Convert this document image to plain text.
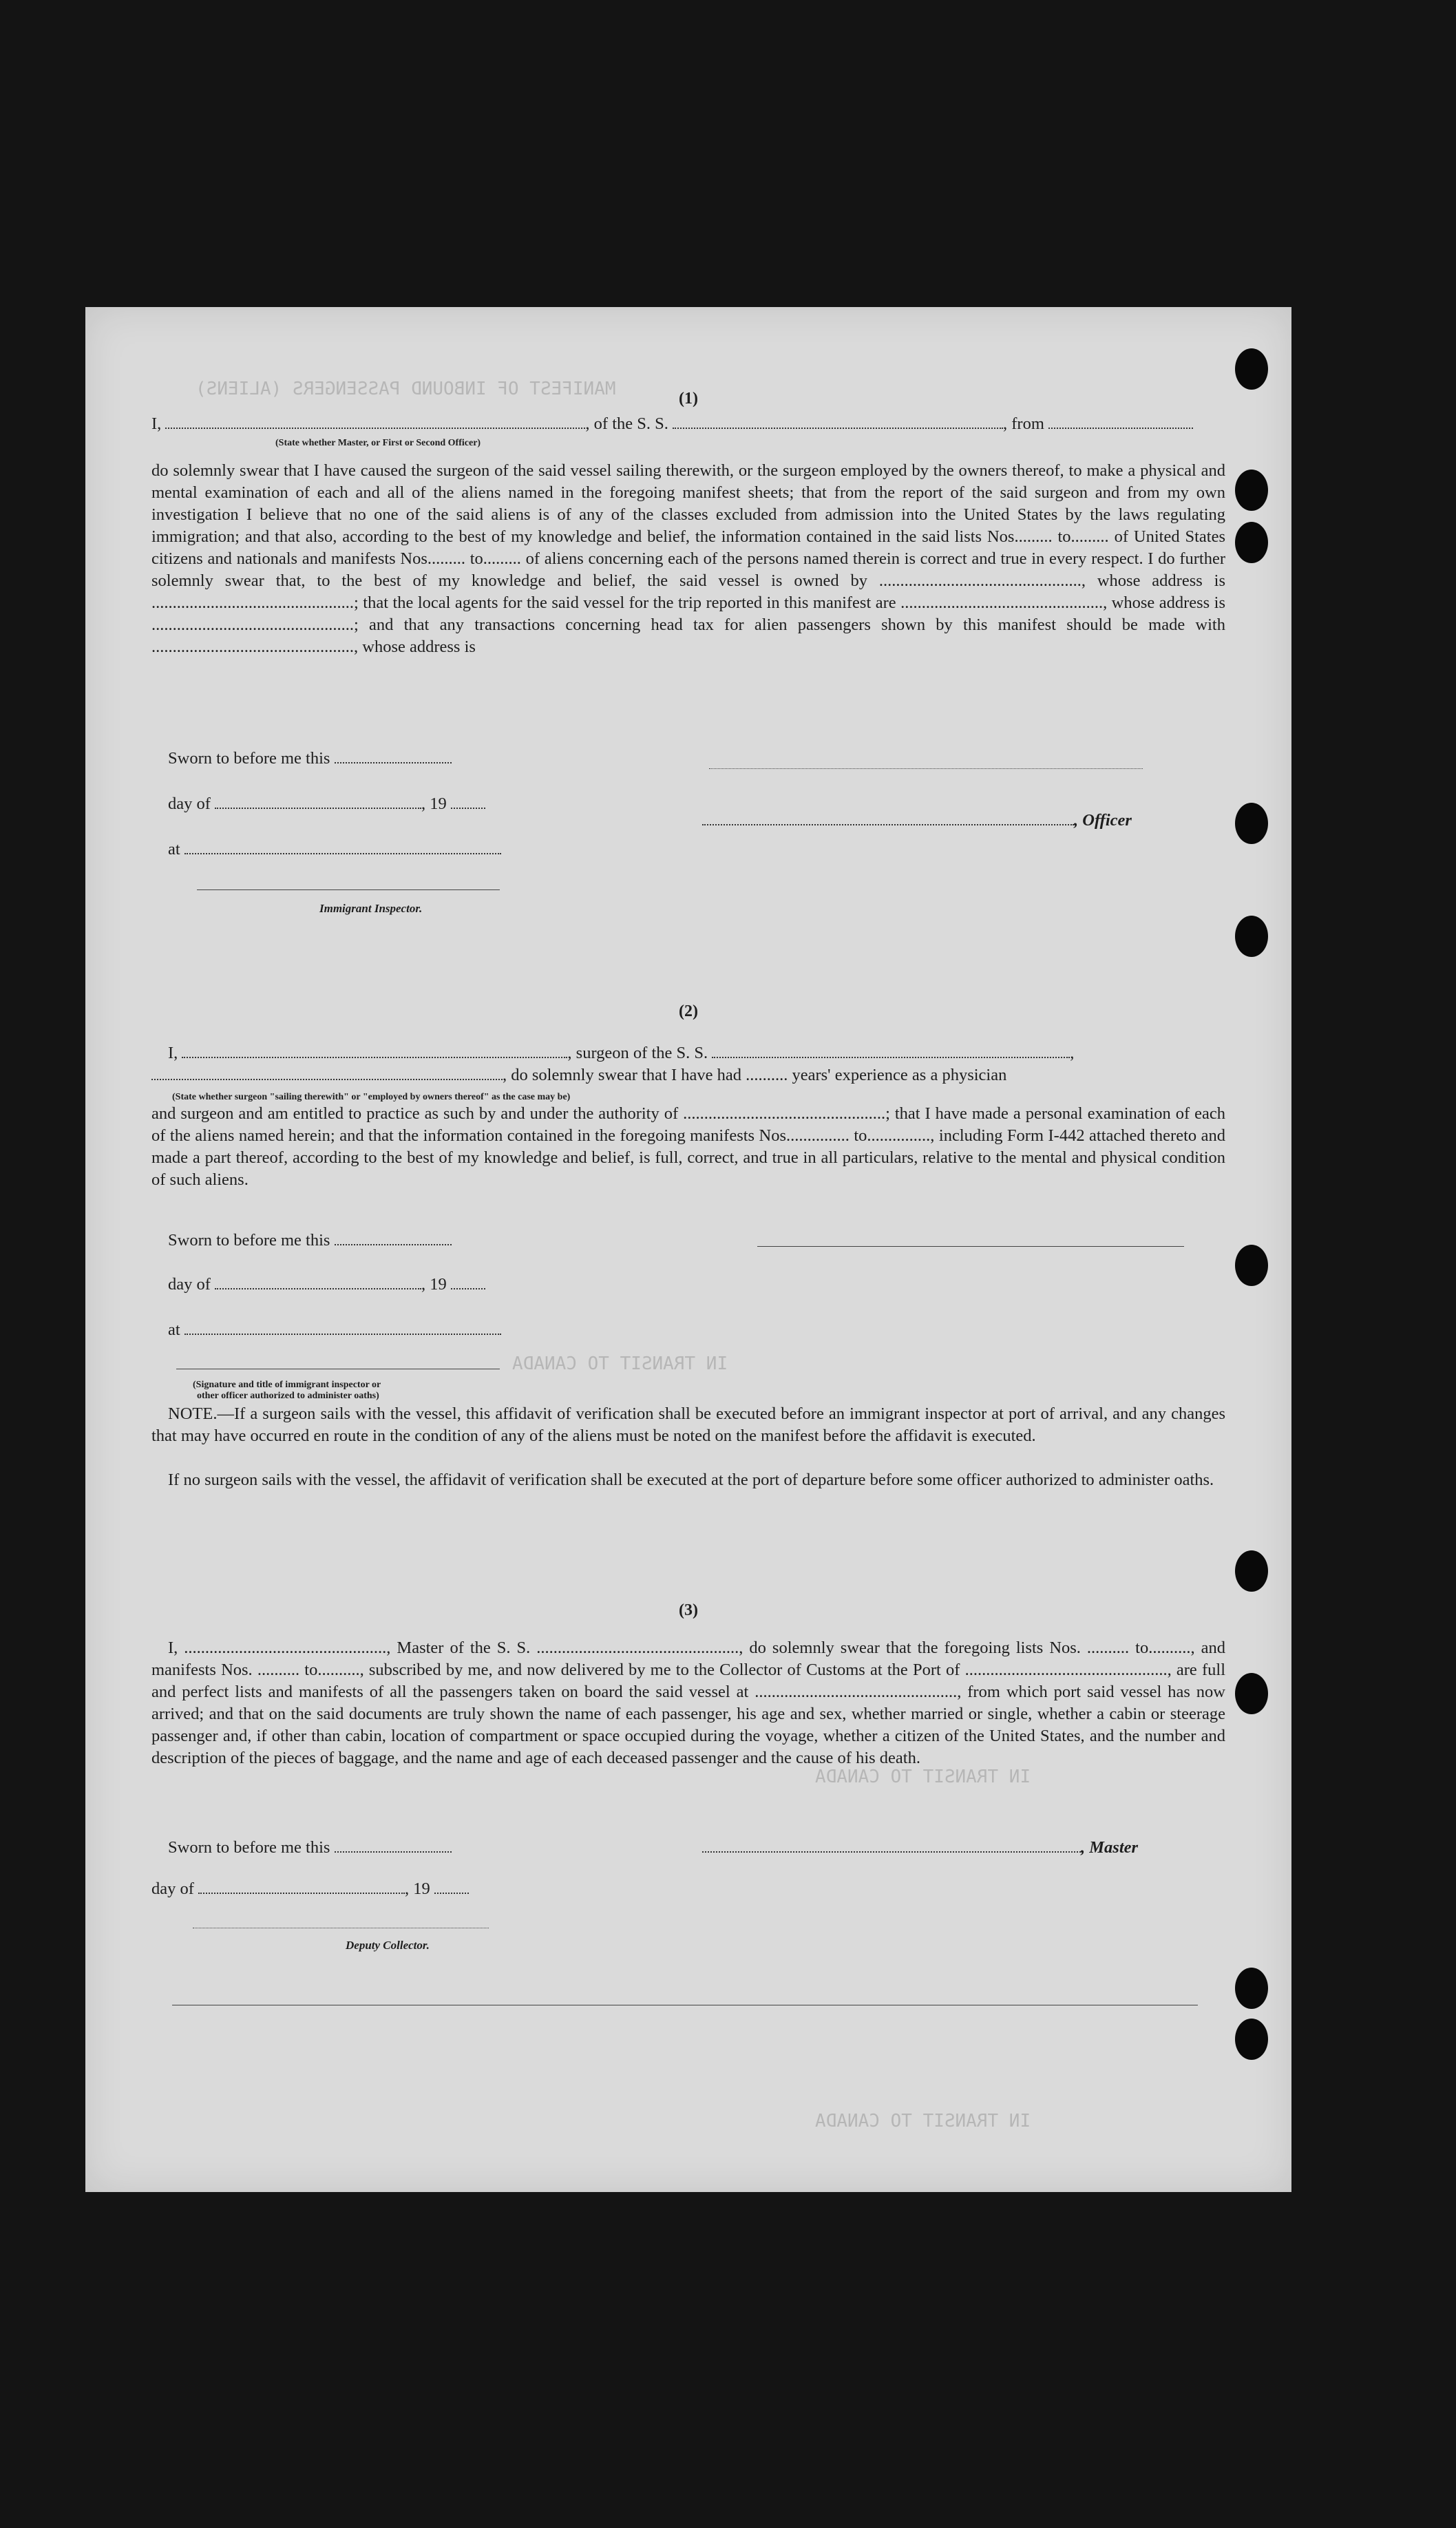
MANIFEST OF INBOUND PASSENGERS (ALIENS)
IN TRANSIT TO CANADA
IN TRANSIT TO CANADA
IN TRANSIT TO CANADA
(1)
I,	, of the S. S.	, from
(State whether Master, or First or Second Officer)

do solemnly swear that I have caused the surgeon of the said vessel sailing therewith, or the surgeon employed by the owners thereof, to make a physical and mental examination of each and all of the aliens named in the foregoing manifest sheets; that from the report of the said surgeon and from my own investigation I believe that no one of the said aliens is of any of the classes excluded from admission into the United States by the laws regulating immigration; and that also, according to the best of my knowledge and belief, the information contained in the said lists Nos......... to......... of United States citizens and nationals and manifests Nos......... to......... of aliens concerning each of the persons named therein is correct and true in every respect. I do further solemnly swear that, to the best of my knowledge and belief, the said vessel is owned by ................................................, whose address is ................................................; that the local agents for the said vessel for the trip reported in this manifest are ................................................, whose address is ................................................; and that any transactions concerning head tax for alien passengers shown by this manifest should be made with ................................................, whose address is

Sworn to before me this
day of	, 19
at
Immigrant Inspector.
, Officer
(2)
I,	, surgeon of the S. S.	,
, do solemnly swear that I have had .......... years' experience as a physician
(State whether surgeon "sailing therewith" or "employed by owners thereof" as the case may be)

and surgeon and am entitled to practice as such by and under the authority of ................................................; that I have made a personal examination of each of the aliens named herein; and that the information contained in the foregoing manifests Nos............... to..............., including Form I-442 attached thereto and made a part thereof, according to the best of my knowledge and belief, is full, correct, and true in all particulars, relative to the mental and physical condition of such aliens.

Sworn to before me this
day of	, 19
at
(Signature and title of immigrant inspector or
other officer authorized to administer oaths)

NOTE.—If a surgeon sails with the vessel, this affidavit of verification shall be executed before an immigrant inspector at port of arrival, and any changes that may have occurred en route in the condition of any of the aliens must be noted on the manifest before the affidavit is executed.

If no surgeon sails with the vessel, the affidavit of verification shall be executed at the port of departure before some officer authorized to administer oaths.

(3)

I, ................................................, Master of the S. S. ................................................, do solemnly swear that the foregoing lists Nos. .......... to.........., and manifests Nos. .......... to.........., subscribed by me, and now delivered by me to the Collector of Customs at the Port of ................................................, are full and perfect lists and manifests of all the passengers taken on board the said vessel at ................................................, from which port said vessel has now arrived; and that on the said documents are truly shown the name of each passenger, his age and sex, whether married or single, whether a cabin or steerage passenger and, if other than cabin, location of compartment or space occupied during the voyage, whether a citizen of the United States, and the number and description of the pieces of baggage, and the name and age of each deceased passenger and the cause of his death.

Sworn to before me this	, Master
day of	, 19
Deputy Collector.
